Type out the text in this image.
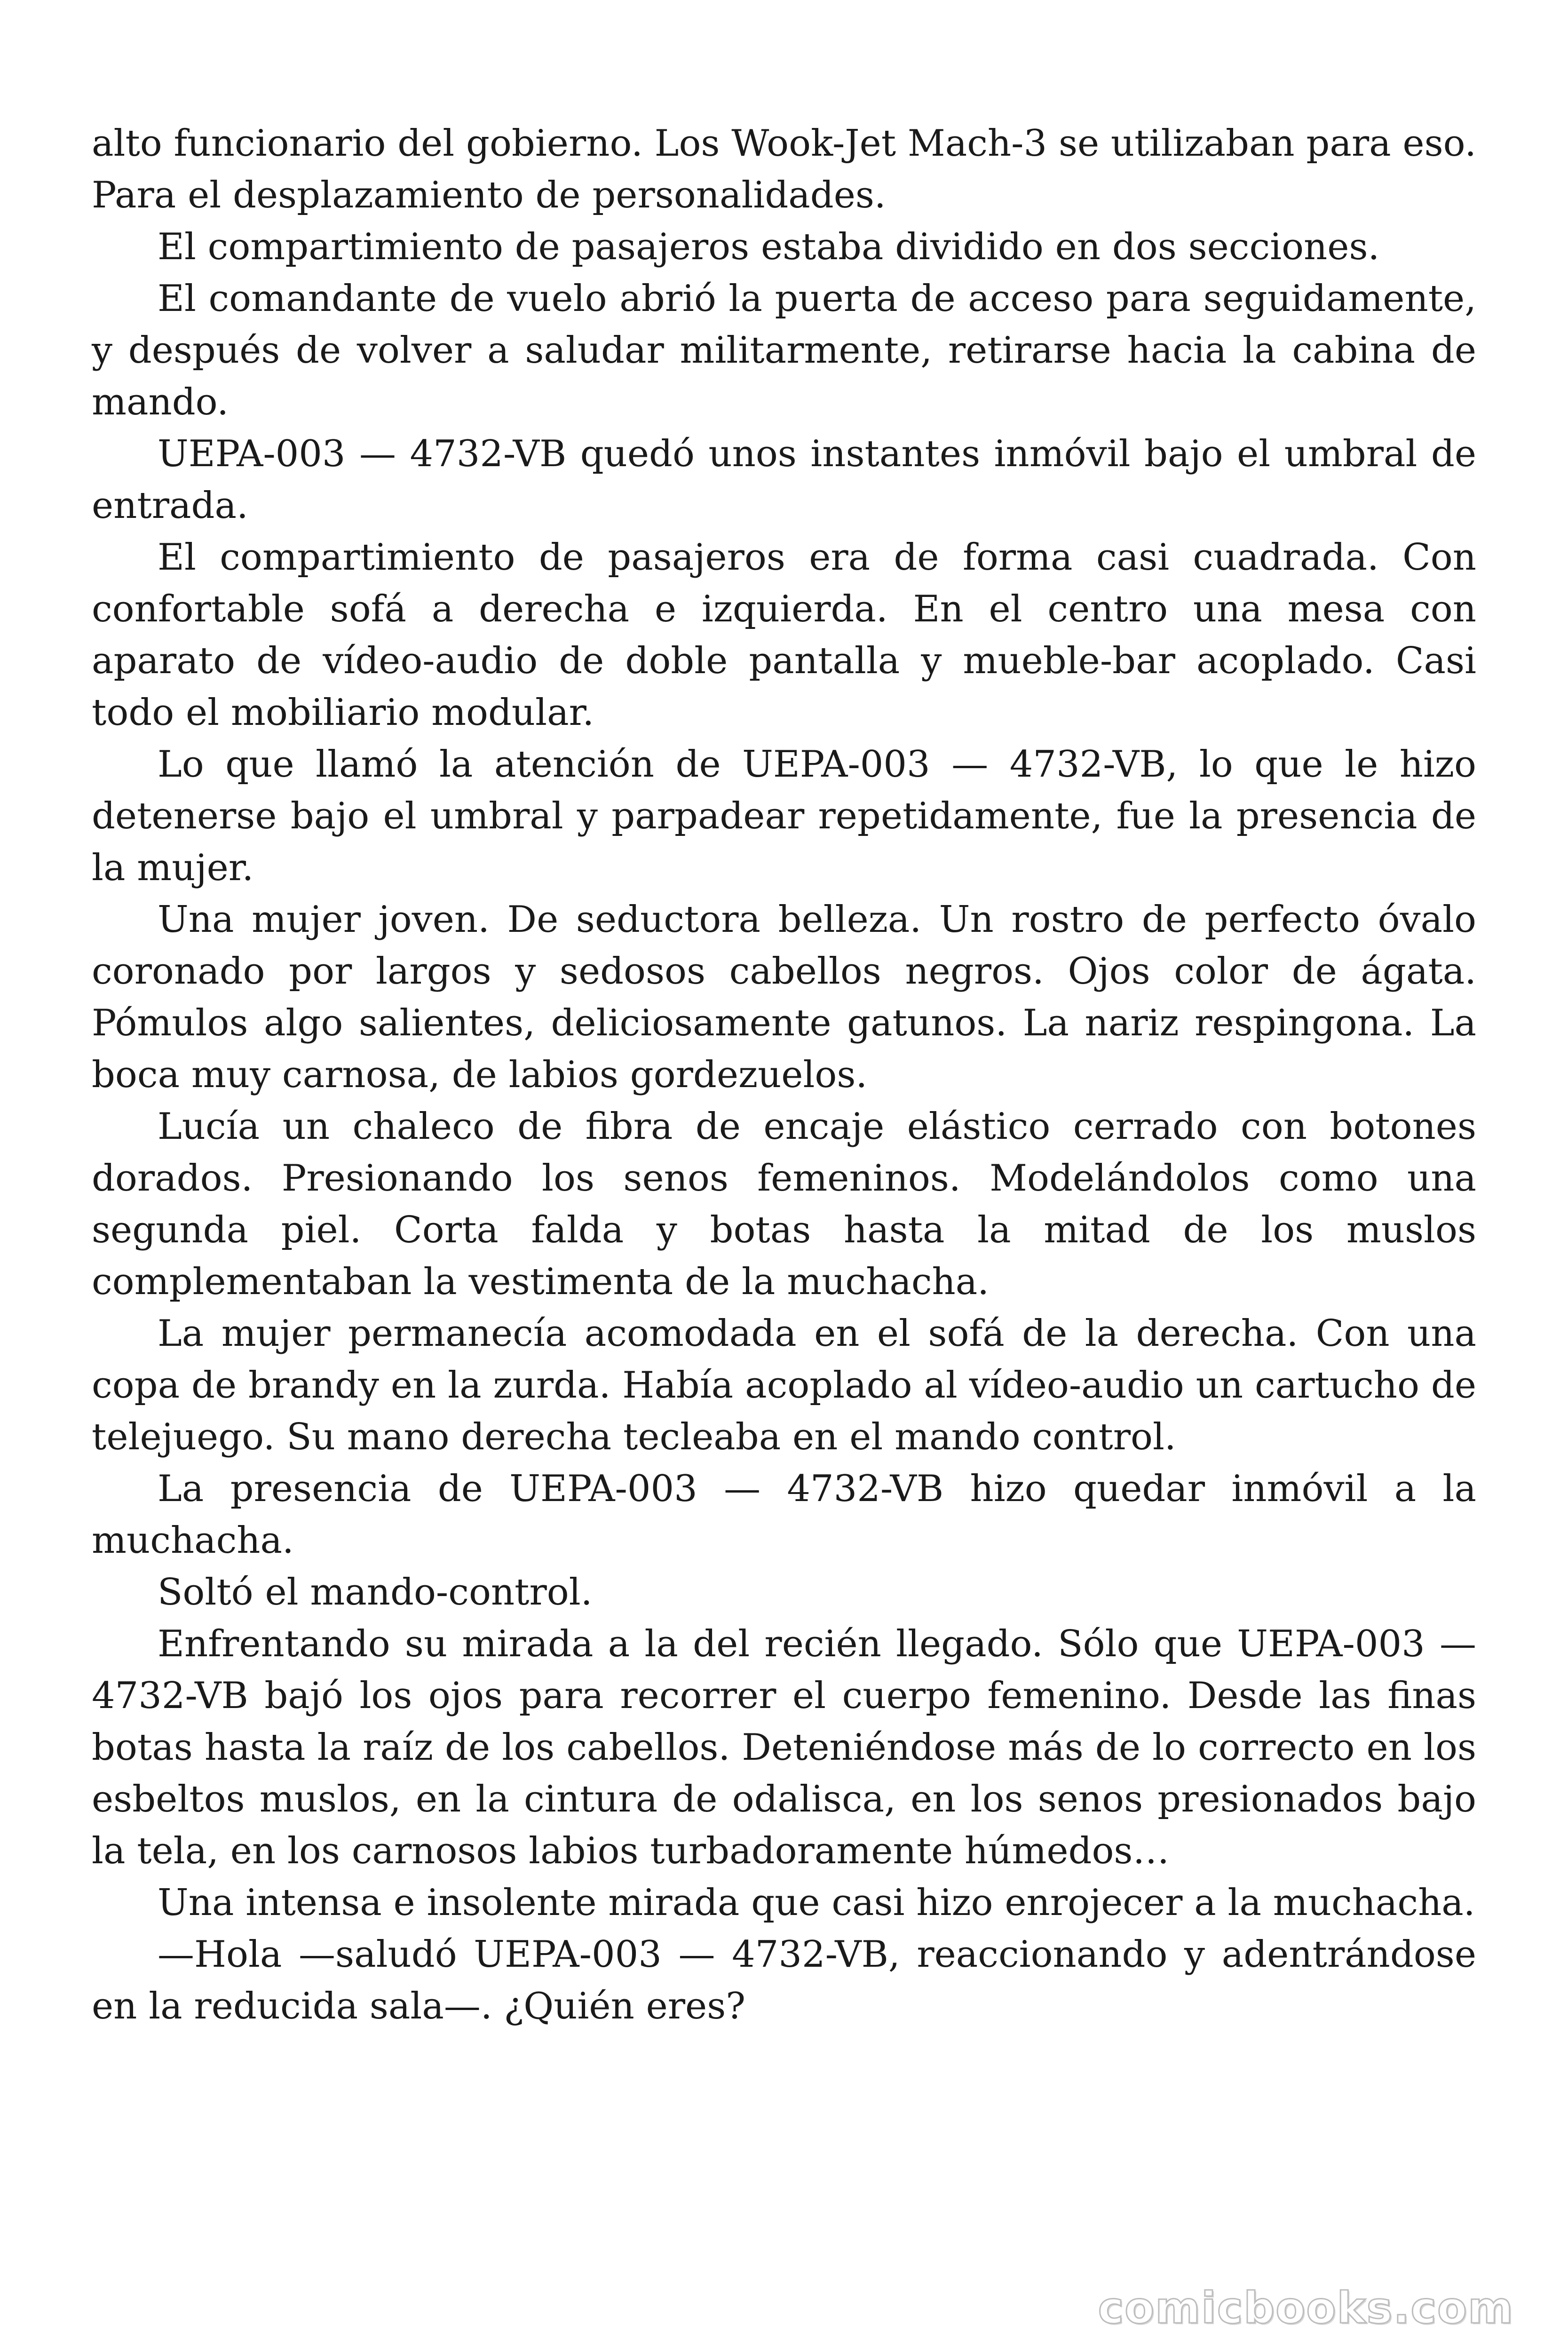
alto funcionario del gobierno. Los Wook-Jet Mach-3 se utilizaban para eso. Para el desplazamiento de personalidades.

El compartimiento de pasajeros estaba dividido en dos secciones.

El comandante de vuelo abrió la puerta de acceso para seguidamente, y después de volver a saludar militarmente, retirarse hacia la cabina de mando.

UEPA-003 — 4732-VB quedó unos instantes inmóvil bajo el umbral de entrada.

El compartimiento de pasajeros era de forma casi cuadrada. Con confortable sofá a derecha e izquierda. En el centro una mesa con aparato de vídeo-audio de doble pantalla y mueble-bar acoplado. Casi todo el mobiliario modular.

Lo que llamó la atención de UEPA-003 — 4732-VB, lo que le hizo detenerse bajo el umbral y parpadear repetidamente, fue la presencia de la mujer.

Una mujer joven. De seductora belleza. Un rostro de perfecto óvalo coronado por largos y sedosos cabellos negros. Ojos color de ágata. Pómulos algo salientes, deliciosamente gatunos. La nariz respingona. La boca muy carnosa, de labios gordezuelos.

Lucía un chaleco de fibra de encaje elástico cerrado con botones dorados. Presionando los senos femeninos. Modelándolos como una segunda piel. Corta falda y botas hasta la mitad de los muslos complementaban la vestimenta de la muchacha.

La mujer permanecía acomodada en el sofá de la derecha. Con una copa de brandy en la zurda. Había acoplado al vídeo-audio un cartucho de telejuego. Su mano derecha tecleaba en el mando control.

La presencia de UEPA-003 — 4732-VB hizo quedar inmóvil a la muchacha.

Soltó el mando-control.

Enfrentando su mirada a la del recién llegado. Sólo que UEPA-003 — 4732-VB bajó los ojos para recorrer el cuerpo femenino. Desde las finas botas hasta la raíz de los cabellos. Deteniéndose más de lo correcto en los esbeltos muslos, en la cintura de odalisca, en los senos presionados bajo la tela, en los carnosos labios turbadoramente húmedos…

Una intensa e insolente mirada que casi hizo enrojecer a la muchacha.

—Hola —saludó UEPA-003 — 4732-VB, reaccionando y adentrándose en la reducida sala—. ¿Quién eres?

comicbooks.com
